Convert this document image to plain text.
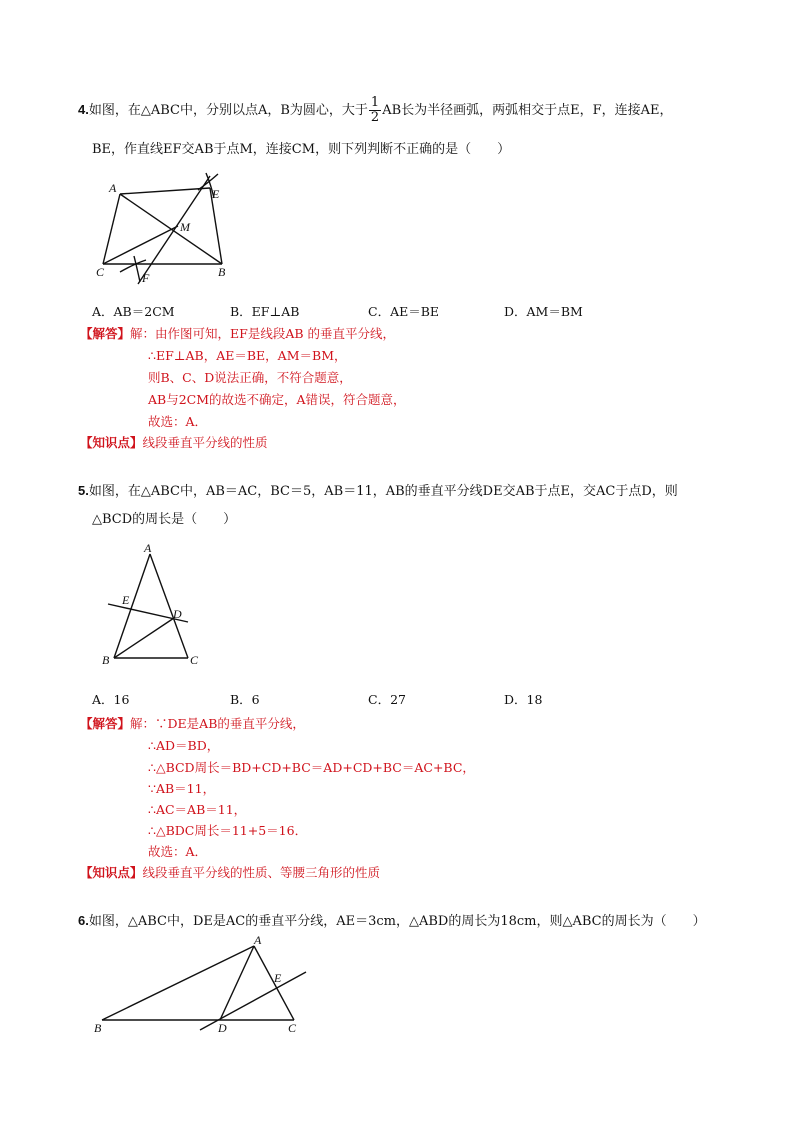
4.如图，在△ABC中，分别以点A，B为圆心，大于 $\frac{1}{2}$ AB长为半径画弧，两弧相交于点E，F，连接AE，
BE，作直线EF交AB于点M，连接CM，则下列判断不正确的是（　　）
A	E
M
C	F	B
A．AB＝2CM	B．EF⊥AB	C．AE＝BE	D．AM＝BM
【解答】解：由作图可知，EF是线段AB 的垂直平分线，
∴EF⊥AB，AE＝BE，AM＝BM，
则B、C、D说法正确，不符合题意，
AB与2CM的故选不确定，A错误，符合题意，
故选：A．
【知识点】线段垂直平分线的性质
5.如图，在△ABC中，AB＝AC，BC＝5，AB＝11，AB的垂直平分线DE交AB于点E，交AC于点D，则
△BCD的周长是（　　）
A
E
D
B	C
A．16	B．6	C．27	D．18
【解答】解：∵DE是AB的垂直平分线，
∴AD＝BD，
∴△BCD周长＝BD+CD+BC＝AD+CD+BC＝AC+BC，
∵AB＝11，
∴AC＝AB＝11，
∴△BDC周长＝11+5＝16．
故选：A．
【知识点】线段垂直平分线的性质、等腰三角形的性质
6.如图，△ABC中，DE是AC的垂直平分线，AE＝3cm，△ABD的周长为18cm，则△ABC的周长为（　　）
A
E
B	D	C
